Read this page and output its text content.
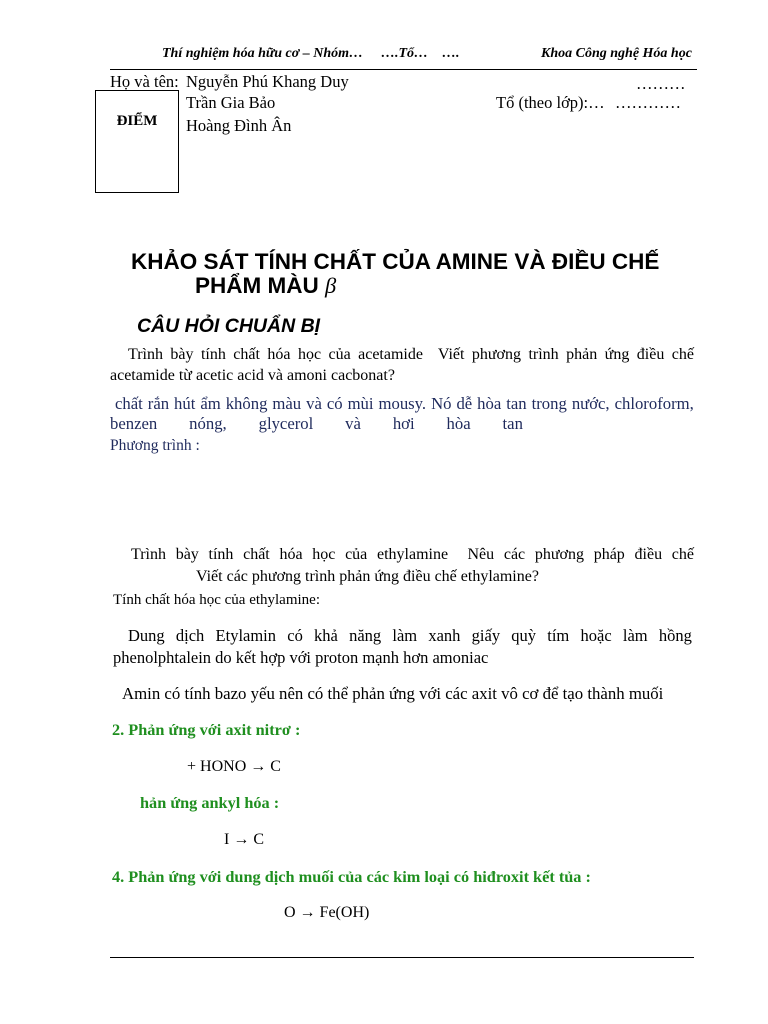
Thí nghiệm hóa hữu cơ – Nhóm… ….Tổ… ….	Khoa Công nghệ Hóa học
Họ và tên: Nguyễn Phú Khang Duy	………
Trần Gia Bảo	Tổ (theo lớp):… …………
Hoàng Đình Ân
ĐIỂM
KHẢO SÁT TÍNH CHẤT CỦA AMINE VÀ ĐIỀU CHẾ
PHẨM MÀU β
CÂU HỎI CHUẨN BỊ
Trình bày tính chất hóa học của acetamide Viết phương trình phản ứng điều chế
acetamide từ acetic acid và amoni cacbonat?
chất rắn hút ẩm không màu và có mùi mousy. Nó dễ hòa tan trong nước, chloroform,
benzen nóng, glycerol và hơi hòa tan
Phương trình :
Trình bày tính chất hóa học của ethylamine Nêu các phương pháp điều chế
Viết các phương trình phản ứng điều chế ethylamine?
Tính chất hóa học của ethylamine:
Dung dịch Etylamin có khả năng làm xanh giấy quỳ tím hoặc làm hồng
phenolphtalein do kết hợp với proton mạnh hơn amoniac
Amin có tính bazo yếu nên có thể phản ứng với các axit vô cơ để tạo thành muối
2. Phản ứng với axit nitrơ :
+ HONO → C
hản ứng ankyl hóa :
I → C
4. Phản ứng với dung dịch muối của các kim loại có hiđroxit kết tủa :
O → Fe(OH)
